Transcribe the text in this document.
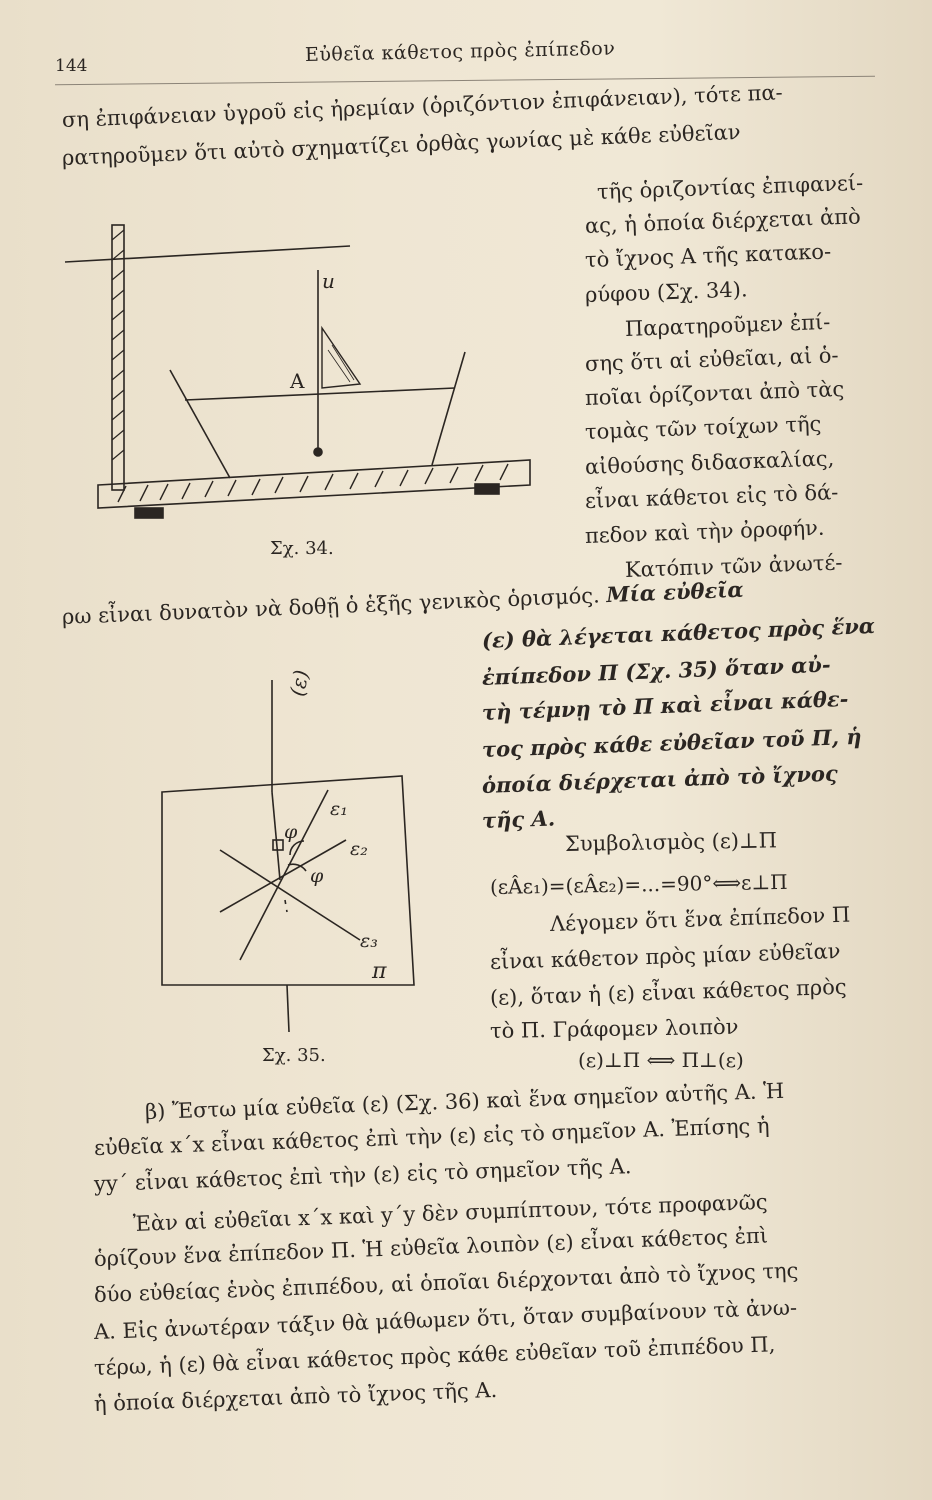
144
Εὐθεῖα κάθετος πρὸς ἐπίπεδον
ση ἐπιφάνειαν ὑγροῦ εἰς ἠρεμίαν (ὁριζόντιον ἐπιφάνειαν), τότε πα-
ρατηροῦμεν ὅτι αὐτὸ σχηματίζει ὀρθὰς γωνίας μὲ κάθε εὐθεῖαν
τῆς ὁριζοντίας ἐπιφανεί-
ας, ἡ ὁποία διέρχεται ἀπὸ
τὸ ἴχνος Α τῆς κατακο-
ρύφου (Σχ. 34).
Παρατηροῦμεν ἐπί-
σης ὅτι αἱ εὐθεῖαι, αἱ ὁ-
ποῖαι ὁρίζονται ἀπὸ τὰς
τομὰς τῶν τοίχων τῆς
αἰθούσης διδασκαλίας,
εἶναι κάθετοι εἰς τὸ δά-
πεδον καὶ τὴν ὀροφήν.
Κατόπιν τῶν ἀνωτέ-
ρω εἶναι δυνατὸν νὰ δοθῇ ὁ ἑξῆς γενικὸς ὁρισμός. Μία εὐθεῖα
(ε) θὰ λέγεται κάθετος πρὸς ἕνα
ἐπίπεδον Π (Σχ. 35) ὅταν αὐ-
τὴ τέμνῃ τὸ Π καὶ εἶναι κάθε-
τος πρὸς κάθε εὐθεῖαν τοῦ Π, ἡ
ὁποία διέρχεται ἀπὸ τὸ ἴχνος
τῆς Α.
Συμβολισμὸς (ε)⊥Π
(εÂε₁)=(εÂε₂)=...=90°⟺ε⊥Π
Λέγομεν ὅτι ἕνα ἐπίπεδον Π
εἶναι κάθετον πρὸς μίαν εὐθεῖαν
(ε), ὅταν ἡ (ε) εἶναι κάθετος πρὸς
τὸ Π. Γράφομεν λοιπὸν
(ε)⊥Π ⟺ Π⊥(ε)
β) Ἔστω μία εὐθεῖα (ε) (Σχ. 36) καὶ ἕνα σημεῖον αὐτῆς Α. Ἡ
εὐθεῖα x΄x εἶναι κάθετος ἐπὶ τὴν (ε) εἰς τὸ σημεῖον Α. Ἐπίσης ἡ
yy΄ εἶναι κάθετος ἐπὶ τὴν (ε) εἰς τὸ σημεῖον τῆς Α.
Ἐὰν αἱ εὐθεῖαι x΄x καὶ y΄y δὲν συμπίπτουν, τότε προφανῶς
ὁρίζουν ἕνα ἐπίπεδον Π. Ἡ εὐθεῖα λοιπὸν (ε) εἶναι κάθετος ἐπὶ
δύο εὐθείας ἑνὸς ἐπιπέδου, αἱ ὁποῖαι διέρχονται ἀπὸ τὸ ἴχνος της
Α. Εἰς ἀνωτέραν τάξιν θὰ μάθωμεν ὅτι, ὅταν συμβαίνουν τὰ ἀνω-
τέρω, ἡ (ε) θὰ εἶναι κάθετος πρὸς κάθε εὐθεῖαν τοῦ ἐπιπέδου Π,
ἡ ὁποία διέρχεται ἀπὸ τὸ ἴχνος τῆς Α.
Α
u
Σχ. 34.
(ε)
ε₁
ε₂
ε₃
φ
φ
π
Σχ. 35.
